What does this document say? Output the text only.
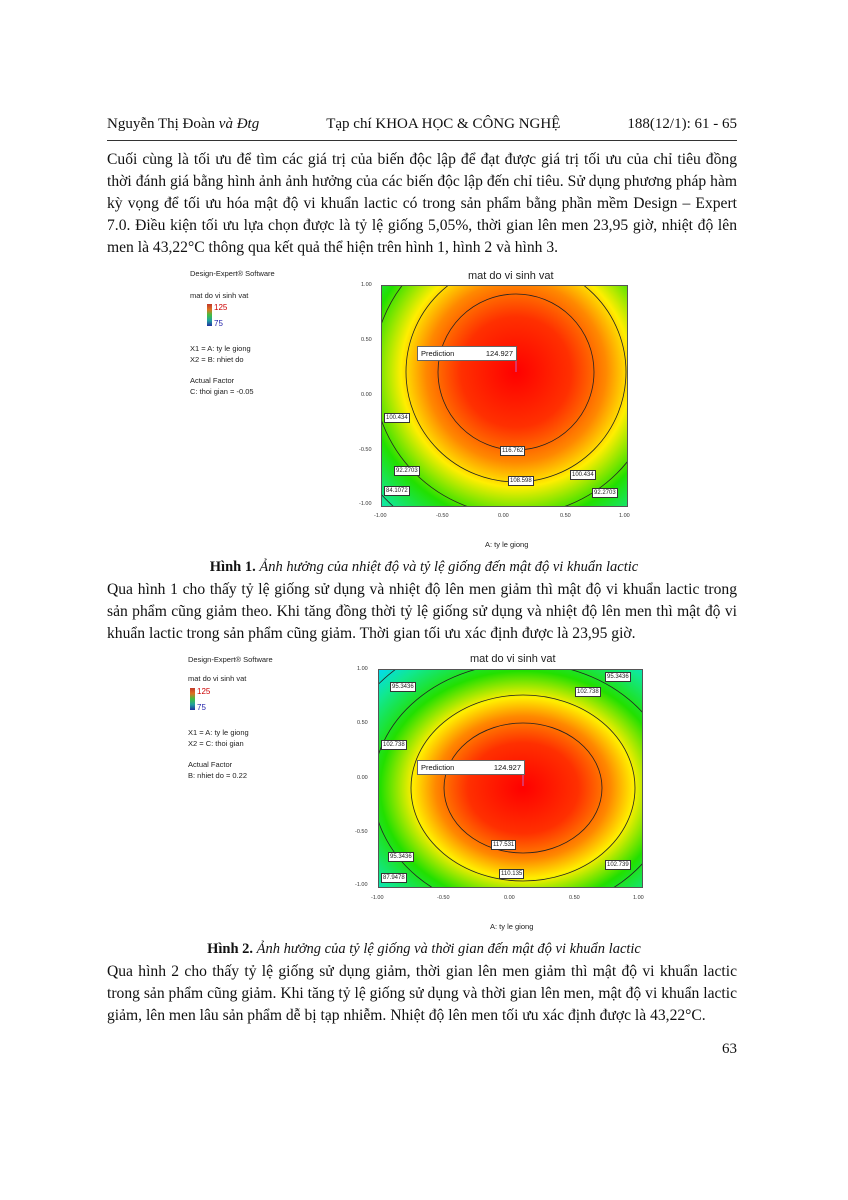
Nguyễn Thị Đoàn và Đtg	Tạp chí KHOA HỌC & CÔNG NGHỆ	188(12/1): 61 - 65

Cuối cùng là tối ưu để tìm các giá trị của biến độc lập để đạt được giá trị tối ưu của chỉ tiêu đồng thời đánh giá bằng hình ảnh ảnh hưởng của các biến độc lập đến chỉ tiêu. Sử dụng phương pháp hàm kỳ vọng để tối ưu hóa mật độ vi khuẩn lactic có trong sản phẩm bằng phần mềm Design – Expert 7.0. Điều kiện tối ưu lựa chọn được là tỷ lệ giống 5,05%, thời gian lên men 23,95 giờ, nhiệt độ lên men là 43,22°C thông qua kết quả thể hiện trên hình 1, hình 2 và hình 3.

Design-Expert® Software
mat do vi sinh vat
125
75
X1 = A: ty le giong
X2 = B: nhiet do
Actual Factor
C: thoi gian = -0.05
mat do vi sinh vat
1.00
0.50
0.00
-0.50
-1.00
Prediction	124.927
116.762
108.598
100.434
100.434
92.2703
92.2703
84.1072
-1.00	-0.50	0.00	0.50	1.00
A: ty le giong
Hình 1. Ảnh hưởng của nhiệt độ và tỷ lệ giống đến mật độ vi khuẩn lactic

Qua hình 1 cho thấy tỷ lệ giống sử dụng và nhiệt độ lên men giảm thì mật độ vi khuẩn lactic trong sản phẩm cũng giảm theo. Khi tăng đồng thời tỷ lệ giống sử dụng và nhiệt độ lên men thì mật độ vi khuẩn lactic trong sản phẩm cũng giảm. Thời gian tối ưu xác định được là 23,95 giờ.

Design-Expert® Software
mat do vi sinh vat
125
75
X1 = A: ty le giong
X2 = C: thoi gian
Actual Factor
B: nhiet do = 0.22
mat do vi sinh vat
1.00
0.50
0.00
-0.50
-1.00
Prediction	124.927
95.3436
95.3436
102.738
102.738
117.531
110.135
95.3436
87.9478
102.739
-1.00	-0.50	0.00	0.50	1.00
A: ty le giong
Hình 2. Ảnh hưởng của tỷ lệ giống và thời gian đến mật độ vi khuẩn lactic

Qua hình 2 cho thấy tỷ lệ giống sử dụng giảm, thời gian lên men giảm thì mật độ vi khuẩn lactic trong sản phẩm cũng giảm. Khi tăng tỷ lệ giống sử dụng và thời gian lên men, mật độ vi khuẩn lactic giảm, lên men lâu sản phẩm dễ bị tạp nhiễm. Nhiệt độ lên men tối ưu xác định được là 43,22°C.

63
